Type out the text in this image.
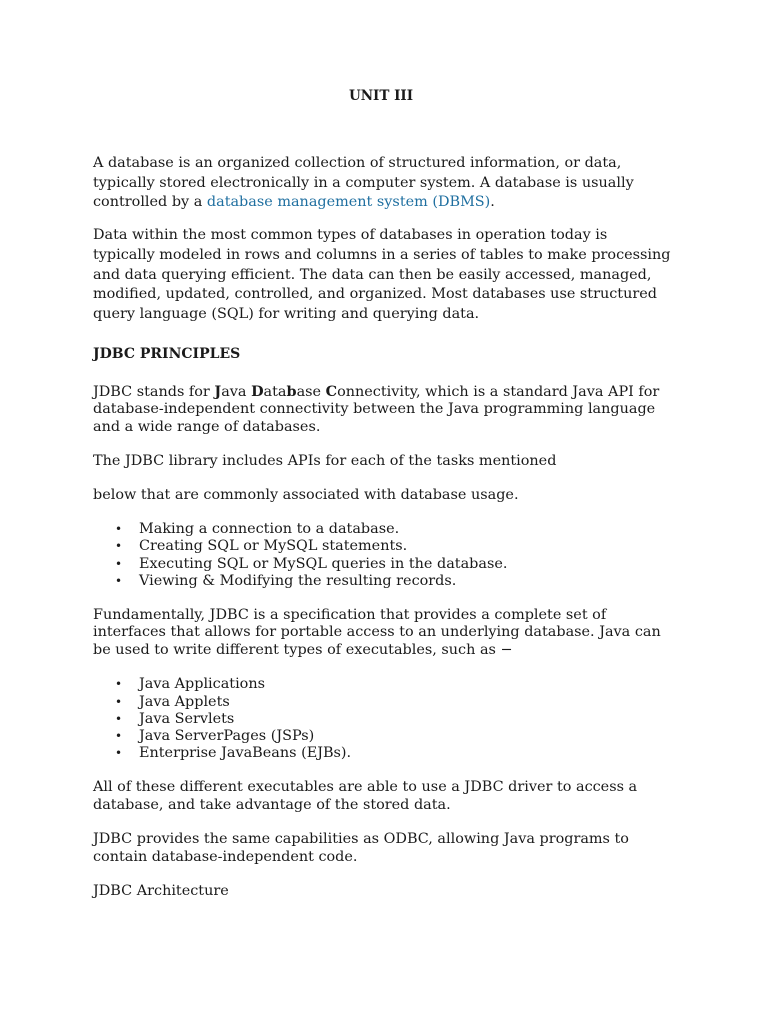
UNIT III

A database is an organized collection of structured information, or data, typically stored electronically in a computer system. A database is usually controlled by a database management system (DBMS).

Data within the most common types of databases in operation today is typically modeled in rows and columns in a series of tables to make processing and data querying efficient. The data can then be easily accessed, managed, modified, updated, controlled, and organized. Most databases use structured query language (SQL) for writing and querying data.

JDBC PRINCIPLES

JDBC stands for Java Database Connectivity, which is a standard Java API for database-independent connectivity between the Java programming language and a wide range of databases.

The JDBC library includes APIs for each of the tasks mentioned

below that are commonly associated with database usage.

• Making a connection to a database.
• Creating SQL or MySQL statements.
• Executing SQL or MySQL queries in the database.
• Viewing & Modifying the resulting records.

Fundamentally, JDBC is a specification that provides a complete set of interfaces that allows for portable access to an underlying database. Java can be used to write different types of executables, such as −

• Java Applications
• Java Applets
• Java Servlets
• Java ServerPages (JSPs)
• Enterprise JavaBeans (EJBs).

All of these different executables are able to use a JDBC driver to access a database, and take advantage of the stored data.

JDBC provides the same capabilities as ODBC, allowing Java programs to contain database-independent code.

JDBC Architecture
